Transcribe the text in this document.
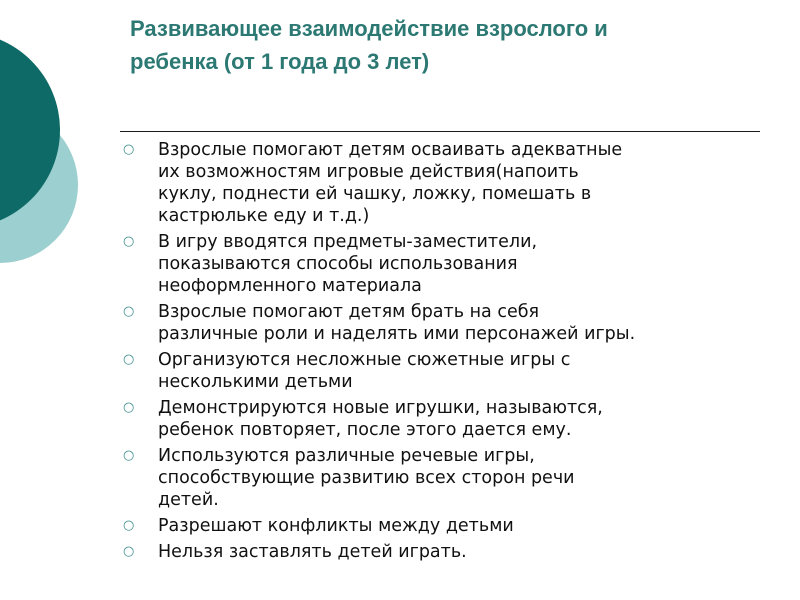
Развивающее взаимодействие взрослого и
ребенка (от 1 года до 3 лет)
○ Взрослые помогают детям осваивать адекватные
их возможностям игровые действия(напоить
куклу, поднести ей чашку, ложку, помешать в
кастрюльке еду и т.д.)
○ В игру вводятся предметы-заместители,
показываются способы использования
неоформленного материала
○ Взрослые помогают детям брать на себя
различные роли и наделять ими персонажей игры.
○ Организуются несложные сюжетные игры с
несколькими детьми
○ Демонстрируются новые игрушки, называются,
ребенок повторяет, после этого дается ему.
○ Используются различные речевые игры,
способствующие развитию всех сторон речи
детей.
○ Разрешают конфликты между детьми
○ Нельзя заставлять детей играть.
